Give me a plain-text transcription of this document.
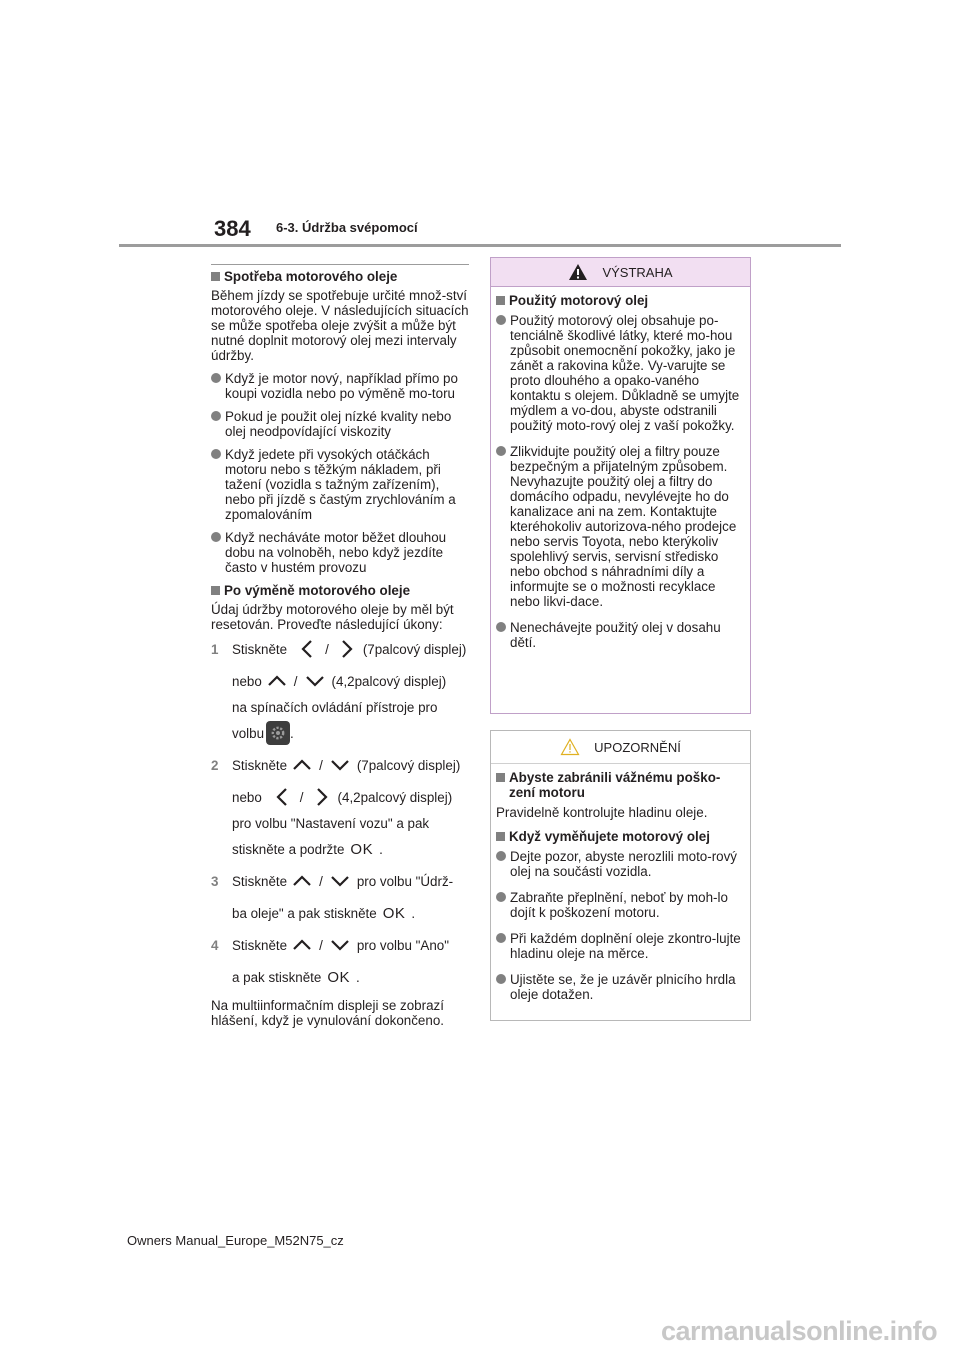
384 6-3. Údržba svépomocí
Spotřeba motorového oleje
Během jízdy se spotřebuje určité množ-ství motorového oleje. V následujících situacích se může spotřeba oleje zvýšit a může být nutné doplnit motorový olej mezi intervaly údržby.
Když je motor nový, například přímo po koupi vozidla nebo po výměně mo-toru
Pokud je použit olej nízké kvality nebo olej neodpovídající viskozity
Když jedete při vysokých otáčkách motoru nebo s těžkým nákladem, při tažení (vozidla s tažným zařízením), nebo při jízdě s častým zrychlováním a zpomalováním
Když necháváte motor běžet dlouhou dobu na volnoběh, nebo když jezdíte často v hustém provozu
Po výměně motorového oleje
Údaj údržby motorového oleje by měl být resetován. Proveďte následující úkony:
1	Stiskněte	/	(7palcový displej)
nebo /	(4,2palcový displej)
na spínačích ovládání přístroje pro
volbu .
2	Stiskněte /	(7palcový displej)
nebo	/	(4,2palcový displej)
pro volbu "Nastavení vozu" a pak
stiskněte a podržte OK .
3	Stiskněte /	pro volbu "Údrž-
ba oleje" a pak stiskněte OK .
4	Stiskněte /	pro volbu "Ano"
a pak stiskněte OK .
Na multiinformačním displeji se zobrazí hlášení, když je vynulování dokončeno.
VÝSTRAHA
Použitý motorový olej
Použitý motorový olej obsahuje po-tenciálně škodlivé látky, které mo-hou způsobit onemocnění pokožky, jako je zánět a rakovina kůže. Vy-varujte se proto dlouhého a opako-vaného kontaktu s olejem. Důkladně se umyjte mýdlem a vo-dou, abyste odstranili použitý moto-rový olej z vaší pokožky.
Zlikvidujte použitý olej a filtry pouze bezpečným a přijatelným způsobem. Nevyhazujte použitý olej a filtry do domácího odpadu, nevylévejte ho do kanalizace ani na zem. Kontaktujte kteréhokoliv autorizova-ného prodejce nebo servis Toyota, nebo kterýkoliv spolehlivý servis, servisní středisko nebo obchod s náhradními díly a informujte se o možnosti recyklace nebo likvi-dace.
Nenechávejte použitý olej v dosahu dětí.
UPOZORNĚNÍ
Abyste zabránili vážnému poško-zení motoru
Pravidelně kontrolujte hladinu oleje.
Když vyměňujete motorový olej
Dejte pozor, abyste nerozlili moto-rový olej na součásti vozidla.
Zabraňte přeplnění, neboť by moh-lo dojít k poškození motoru.
Při každém doplnění oleje zkontro-lujte hladinu oleje na měrce.
Ujistěte se, že je uzávěr plnicího hrdla oleje dotažen.
Owners Manual_Europe_M52N75_cz
carmanualsonline.info
